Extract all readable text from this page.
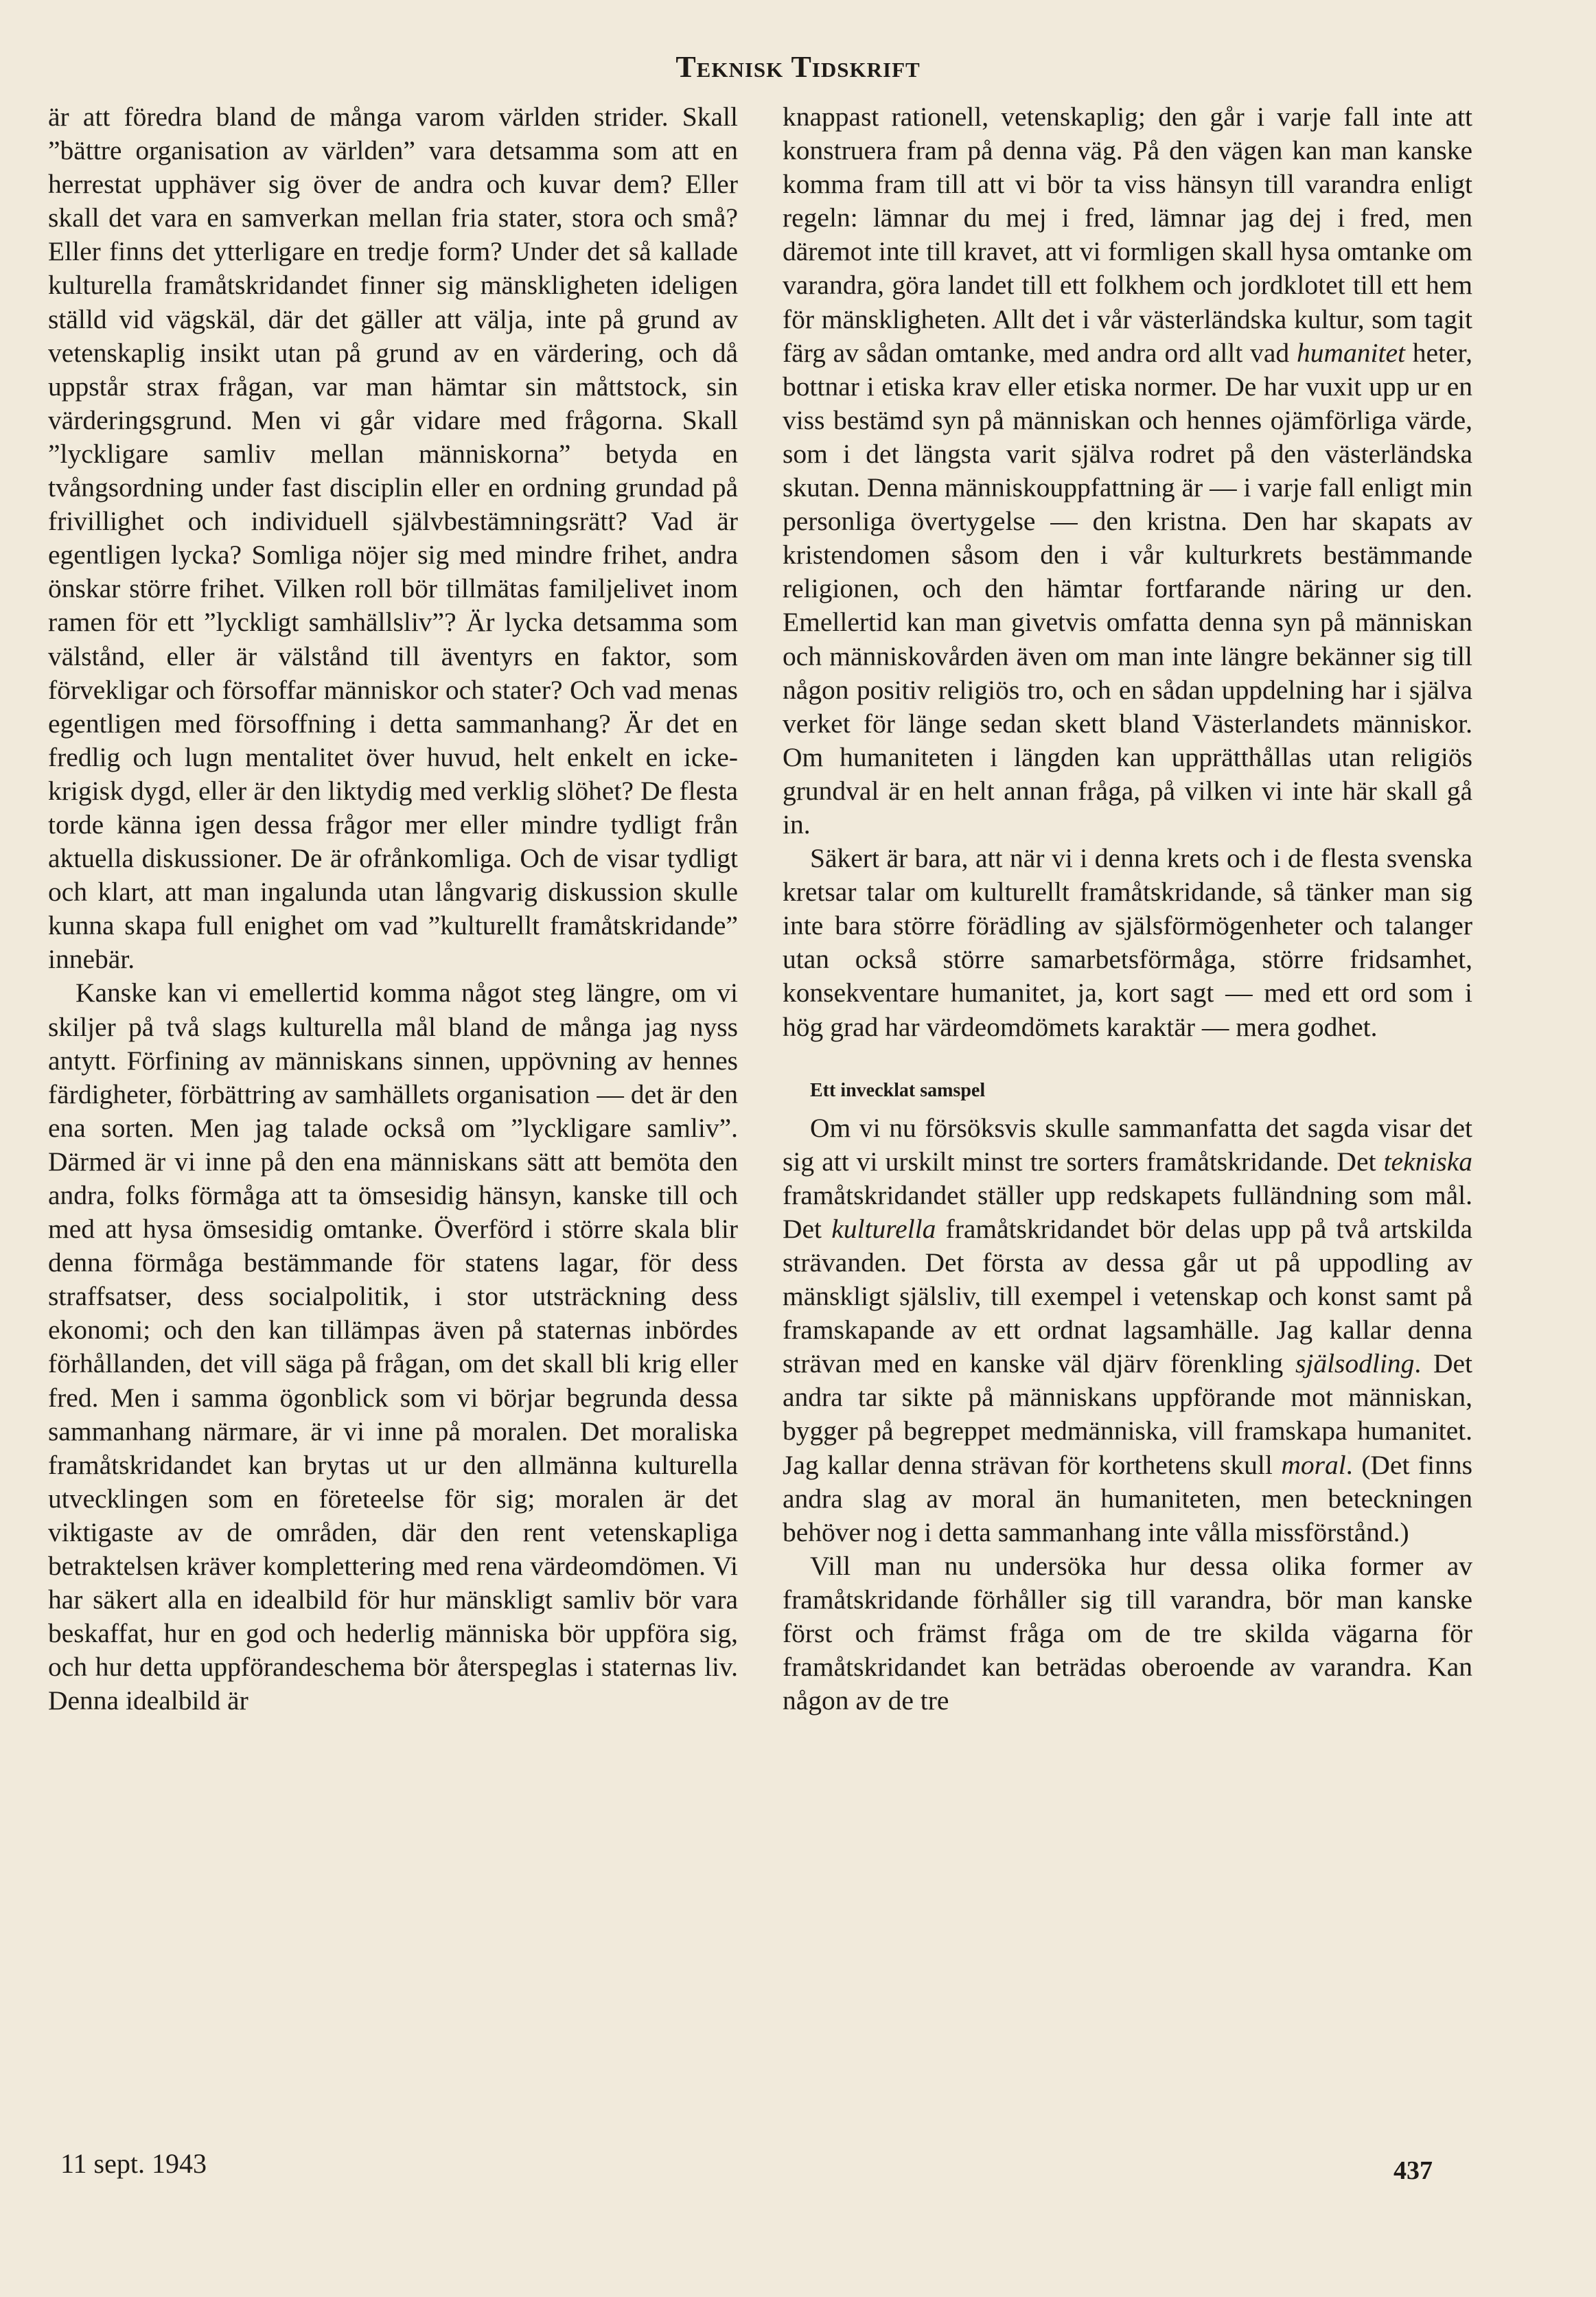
Teknisk Tidskrift

är att föredra bland de många varom världen strider. Skall ”bättre organisation av världen” vara detsamma som att en herrestat upphäver sig över de andra och kuvar dem? Eller skall det vara en samverkan mellan fria stater, stora och små? Eller finns det ytterligare en tredje form? Under det så kallade kulturella framåtskridandet finner sig mänskligheten ideligen ställd vid vägskäl, där det gäller att välja, inte på grund av vetenskaplig insikt utan på grund av en värdering, och då uppstår strax frågan, var man hämtar sin måttstock, sin värderingsgrund. Men vi går vidare med frågorna. Skall ”lyckligare samliv mellan människorna” betyda en tvångsordning under fast disciplin eller en ordning grundad på frivillighet och individuell självbestämningsrätt? Vad är egentligen lycka? Somliga nöjer sig med mindre frihet, andra önskar större frihet. Vilken roll bör tillmätas familjelivet inom ramen för ett ”lyckligt samhällsliv”? Är lycka detsamma som välstånd, eller är välstånd till äventyrs en faktor, som förvekligar och försoffar människor och stater? Och vad menas egentligen med försoffning i detta sammanhang? Är det en fredlig och lugn mentalitet över huvud, helt enkelt en icke-krigisk dygd, eller är den liktydig med verklig slöhet? De flesta torde känna igen dessa frågor mer eller mindre tydligt från aktuella diskussioner. De är ofrånkomliga. Och de visar tydligt och klart, att man ingalunda utan långvarig diskussion skulle kunna skapa full enighet om vad ”kulturellt framåtskridande” innebär.

Kanske kan vi emellertid komma något steg längre, om vi skiljer på två slags kulturella mål bland de många jag nyss antytt. Förfining av människans sinnen, uppövning av hennes färdigheter, förbättring av samhällets organisation — det är den ena sorten. Men jag talade också om ”lyckligare samliv”. Därmed är vi inne på den ena människans sätt att bemöta den andra, folks förmåga att ta ömsesidig hänsyn, kanske till och med att hysa ömsesidig omtanke. Överförd i större skala blir denna förmåga bestämmande för statens lagar, för dess straffsatser, dess socialpolitik, i stor utsträckning dess ekonomi; och den kan tillämpas även på staternas inbördes förhållanden, det vill säga på frågan, om det skall bli krig eller fred. Men i samma ögonblick som vi börjar begrunda dessa sammanhang närmare, är vi inne på moralen. Det moraliska framåtskridandet kan brytas ut ur den allmänna kulturella utvecklingen som en företeelse för sig; moralen är det viktigaste av de områden, där den rent vetenskapliga betraktelsen kräver komplettering med rena värdeomdömen. Vi har säkert alla en idealbild för hur mänskligt samliv bör vara beskaffat, hur en god och hederlig människa bör uppföra sig, och hur detta uppförandeschema bör återspeglas i staternas liv. Denna idealbild är

knappast rationell, vetenskaplig; den går i varje fall inte att konstruera fram på denna väg. På den vägen kan man kanske komma fram till att vi bör ta viss hänsyn till varandra enligt regeln: lämnar du mej i fred, lämnar jag dej i fred, men däremot inte till kravet, att vi formligen skall hysa omtanke om varandra, göra landet till ett folkhem och jordklotet till ett hem för mänskligheten. Allt det i vår västerländska kultur, som tagit färg av sådan omtanke, med andra ord allt vad humanitet heter, bottnar i etiska krav eller etiska normer. De har vuxit upp ur en viss bestämd syn på människan och hennes ojämförliga värde, som i det längsta varit själva rodret på den västerländska skutan. Denna människouppfattning är — i varje fall enligt min personliga övertygelse — den kristna. Den har skapats av kristendomen såsom den i vår kulturkrets bestämmande religionen, och den hämtar fortfarande näring ur den. Emellertid kan man givetvis omfatta denna syn på människan och människovården även om man inte längre bekänner sig till någon positiv religiös tro, och en sådan uppdelning har i själva verket för länge sedan skett bland Västerlandets människor. Om humaniteten i längden kan upprätthållas utan religiös grundval är en helt annan fråga, på vilken vi inte här skall gå in.

Säkert är bara, att när vi i denna krets och i de flesta svenska kretsar talar om kulturellt framåtskridande, så tänker man sig inte bara större förädling av själsförmögenheter och talanger utan också större samarbetsförmåga, större fridsamhet, konsekventare humanitet, ja, kort sagt — med ett ord som i hög grad har värdeomdömets karaktär — mera godhet.

Ett invecklat samspel

Om vi nu försöksvis skulle sammanfatta det sagda visar det sig att vi urskilt minst tre sorters framåtskridande. Det tekniska framåtskridandet ställer upp redskapets fulländning som mål. Det kulturella framåtskridandet bör delas upp på två artskilda strävanden. Det första av dessa går ut på uppodling av mänskligt själsliv, till exempel i vetenskap och konst samt på framskapande av ett ordnat lagsamhälle. Jag kallar denna strävan med en kanske väl djärv förenkling själsodling. Det andra tar sikte på människans uppförande mot människan, bygger på begreppet medmänniska, vill framskapa humanitet. Jag kallar denna strävan för korthetens skull moral. (Det finns andra slag av moral än humaniteten, men beteckningen behöver nog i detta sammanhang inte vålla missförstånd.)

Vill man nu undersöka hur dessa olika former av framåtskridande förhåller sig till varandra, bör man kanske först och främst fråga om de tre skilda vägarna för framåtskridandet kan beträdas oberoende av varandra. Kan någon av de tre

11 sept. 1943	437
